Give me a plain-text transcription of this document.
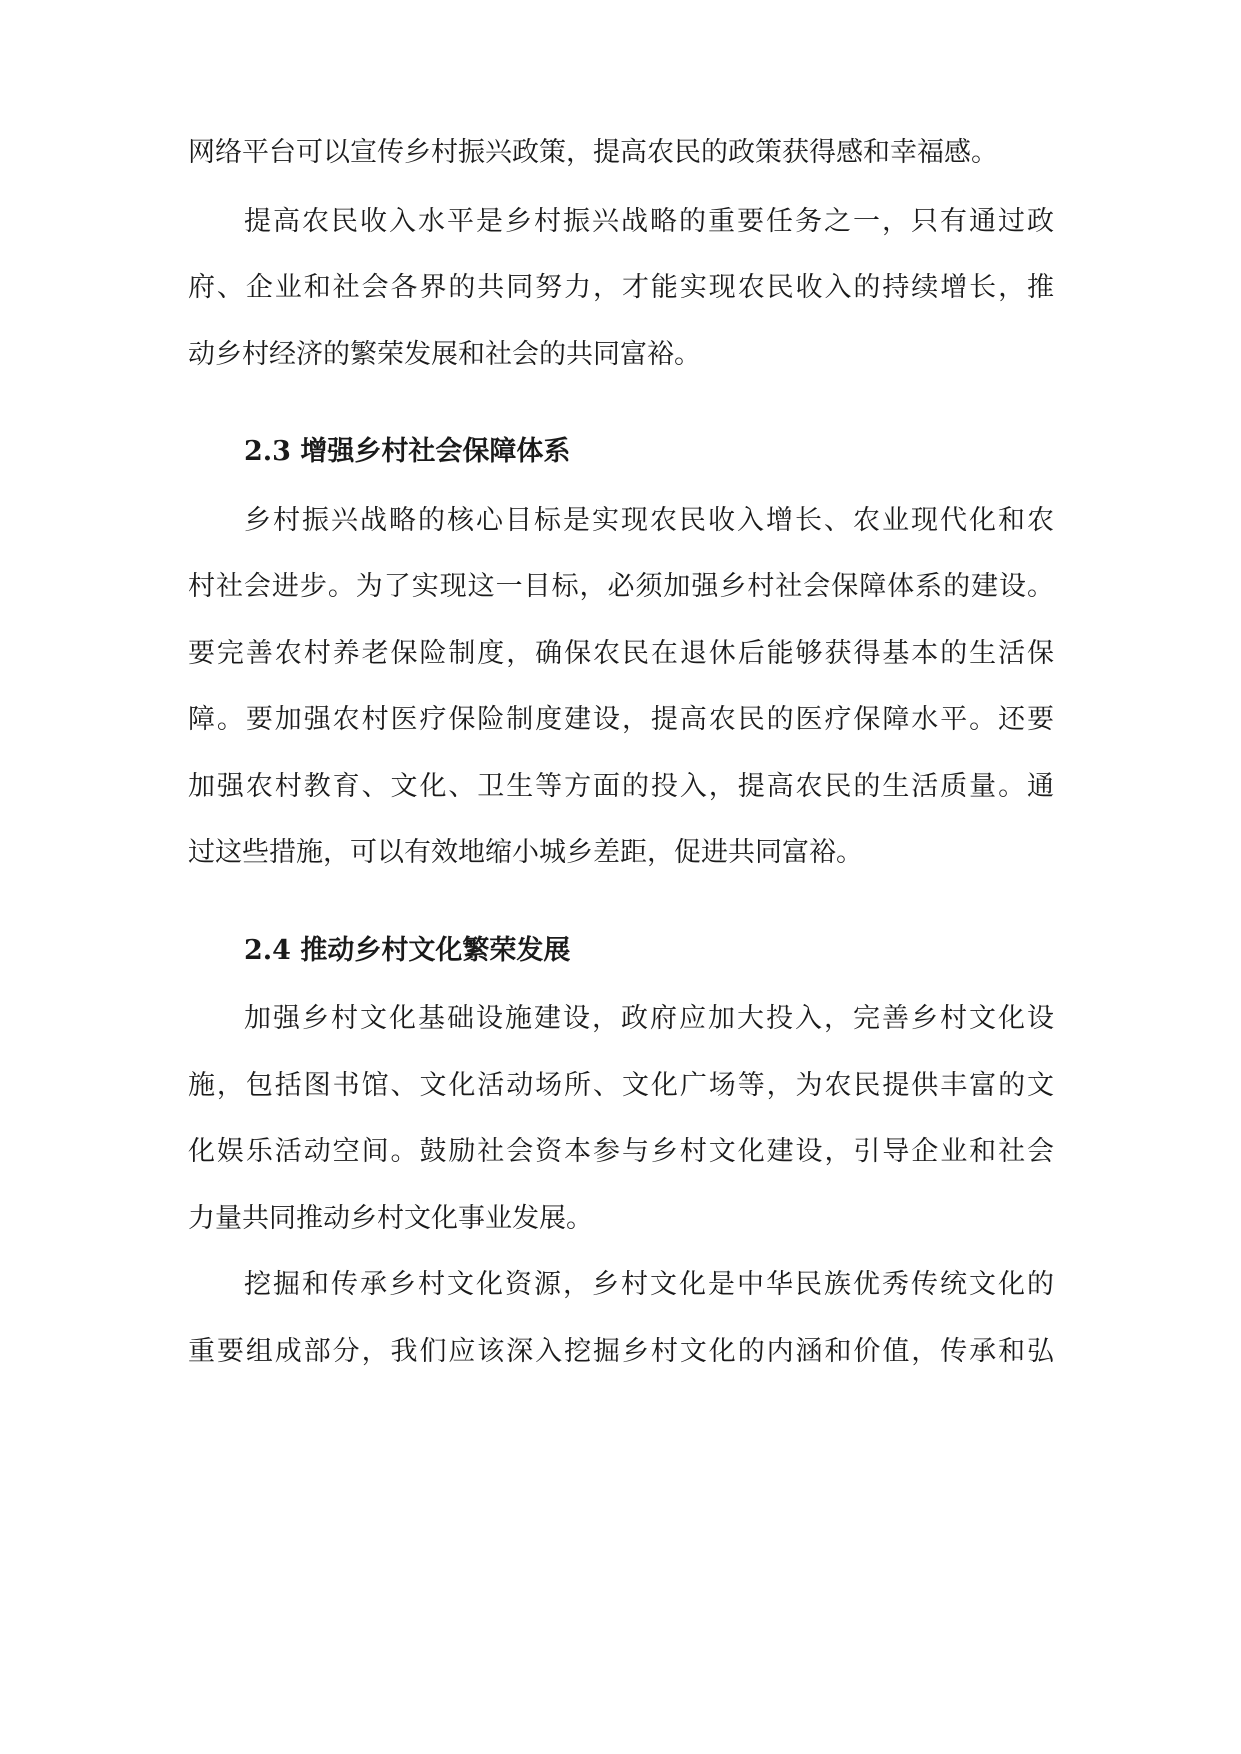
网络平台可以宣传乡村振兴政策，提高农民的政策获得感和幸福感。
提高农民收入水平是乡村振兴战略的重要任务之一，只有通过政
府、企业和社会各界的共同努力，才能实现农民收入的持续增长，推
动乡村经济的繁荣发展和社会的共同富裕。
2.3 增强乡村社会保障体系
乡村振兴战略的核心目标是实现农民收入增长、农业现代化和农
村社会进步。为了实现这一目标，必须加强乡村社会保障体系的建设。
要完善农村养老保险制度，确保农民在退休后能够获得基本的生活保
障。要加强农村医疗保险制度建设，提高农民的医疗保障水平。还要
加强农村教育、文化、卫生等方面的投入，提高农民的生活质量。通
过这些措施，可以有效地缩小城乡差距，促进共同富裕。
2.4 推动乡村文化繁荣发展
加强乡村文化基础设施建设，政府应加大投入，完善乡村文化设
施，包括图书馆、文化活动场所、文化广场等，为农民提供丰富的文
化娱乐活动空间。鼓励社会资本参与乡村文化建设，引导企业和社会
力量共同推动乡村文化事业发展。
挖掘和传承乡村文化资源，乡村文化是中华民族优秀传统文化的
重要组成部分，我们应该深入挖掘乡村文化的内涵和价值，传承和弘
